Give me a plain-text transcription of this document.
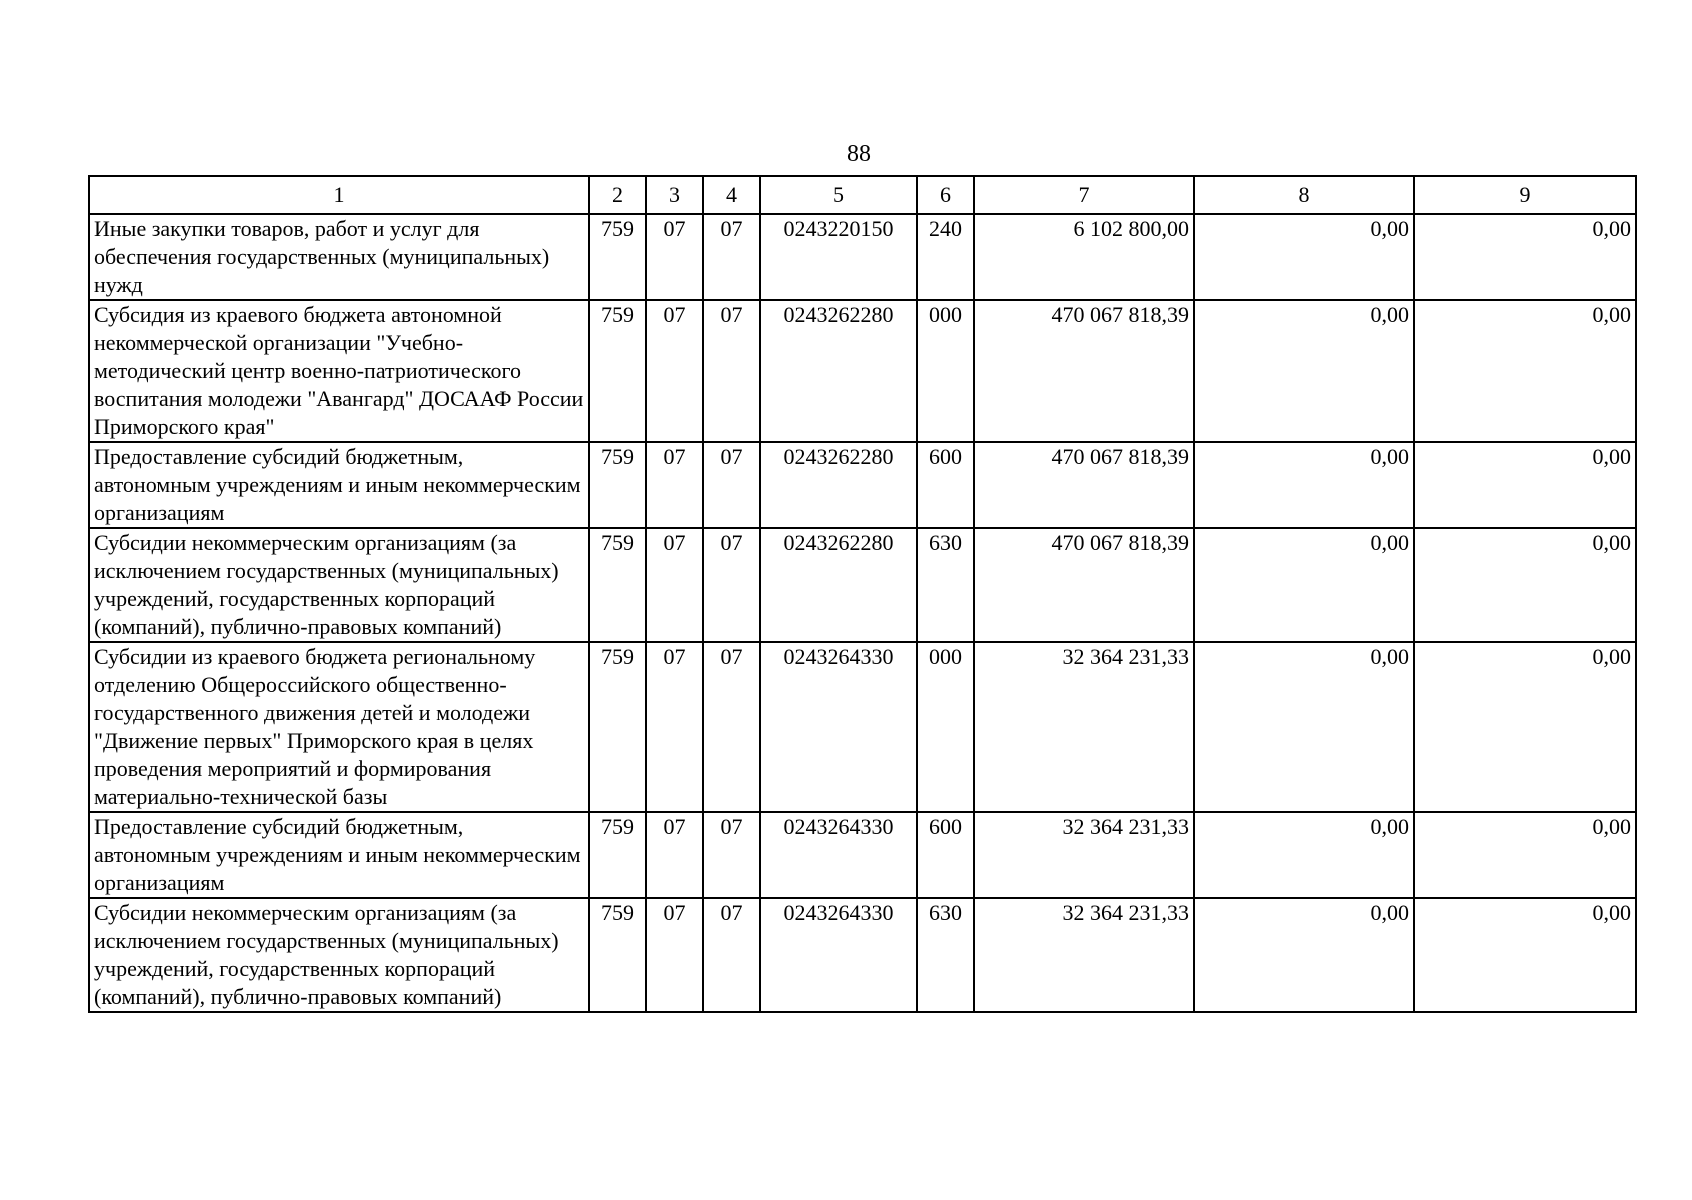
88
1	2	3	4	5	6	7	8	9
Иные закупки товаров, работ и услуг для обеспечения государственных (муниципальных) нужд	759	07	07	0243220150	240	6 102 800,00	0,00	0,00
Субсидия из краевого бюджета автономной некоммерческой организации "Учебно-методический центр военно-патриотического воспитания молодежи "Авангард" ДОСААФ России Приморского края"	759	07	07	0243262280	000	470 067 818,39	0,00	0,00
Предоставление субсидий бюджетным, автономным учреждениям и иным некоммерческим организациям	759	07	07	0243262280	600	470 067 818,39	0,00	0,00
Субсидии некоммерческим организациям (за исключением государственных (муниципальных) учреждений, государственных корпораций (компаний), публично-правовых компаний)	759	07	07	0243262280	630	470 067 818,39	0,00	0,00
Субсидии из краевого бюджета региональному отделению Общероссийского общественно-государственного движения детей и молодежи "Движение первых" Приморского края в целях проведения мероприятий и формирования материально-технической базы	759	07	07	0243264330	000	32 364 231,33	0,00	0,00
Предоставление субсидий бюджетным, автономным учреждениям и иным некоммерческим организациям	759	07	07	0243264330	600	32 364 231,33	0,00	0,00
Субсидии некоммерческим организациям (за исключением государственных (муниципальных) учреждений, государственных корпораций (компаний), публично-правовых компаний)	759	07	07	0243264330	630	32 364 231,33	0,00	0,00
